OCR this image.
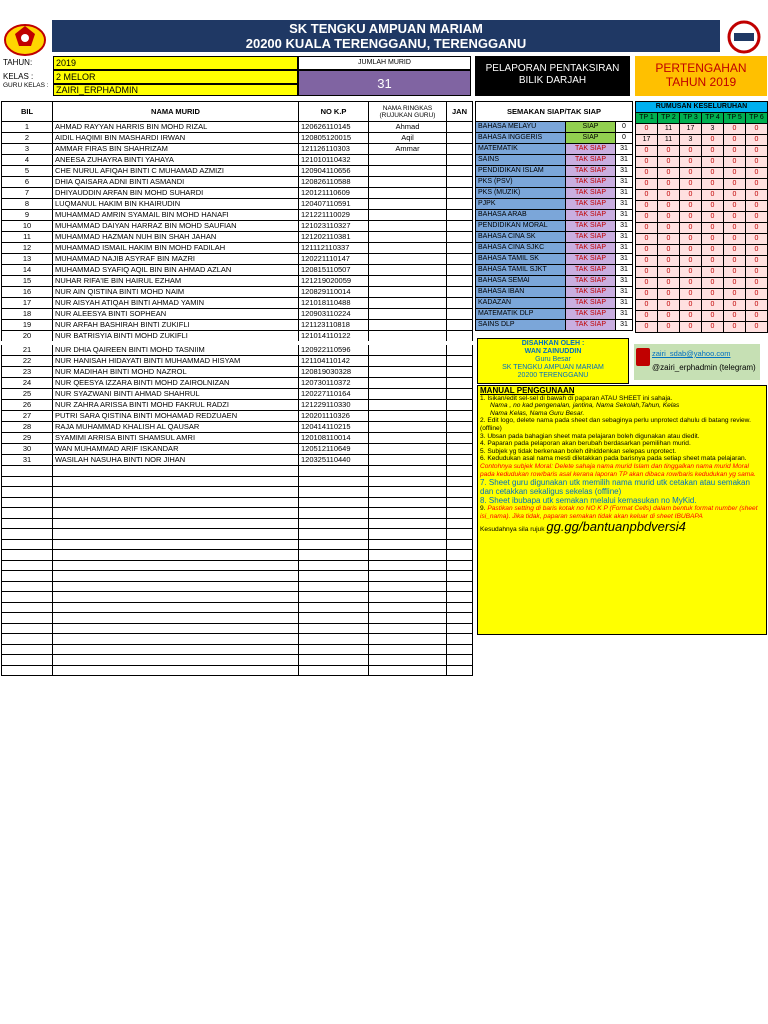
SK TENGKU AMPUAN MARIAM
20200 KUALA TERENGGANU, TERENGGANU
TAHUN:	2019
KELAS :	2 MELOR
GURU KELAS : ZAIRI_ERPHADMIN
JUMLAH MURID
31
PELAPORAN PENTAKSIRAN BILIK DARJAH
PERTENGAHAN TAHUN 2019
BIL	NAMA MURID	NO K.P	NAMA RINGKAS (RUJUKAN GURU)	JAN
1	AHMAD RAYYAN HARRIS BIN MOHD RIZAL	120626110145	Ahmad	
2	AIDIL HAQIMI BIN MASHARDI IRWAN	120805120015	Aqil	
3	AMMAR FIRAS BIN SHAHRIZAM	121126110303	Ammar	
4	ANEESA ZUHAYRA BINTI YAHAYA	121010110432		
5	CHE NURUL AFIQAH BINTI C MUHAMAD AZMIZI	120904110656		
6	DHIA QAISARA ADNI BINTI ASMANDI	120826110588		
7	DHIYAUDDIN ARFAN BIN MOHD SUHARDI	120121110609		
8	LUQMANUL HAKIM BIN KHAIRUDIN	120407110591		
9	MUHAMMAD AMRIN SYAMAIL BIN MOHD HANAFI	121221110029		
10	MUHAMMAD DAIYAN HARRAZ BIN MOHD SAUFIAN	121023110327		
11	MUHAMMAD HAZMAN NUH BIN SHAH JAHAN	121202110381		
12	MUHAMMAD ISMAIL HAKIM BIN MOHD FADILAH	121112110337		
13	MUHAMMAD NAJIB ASYRAF BIN MAZRI	120221110147		
14	MUHAMMAD SYAFIQ AQIL BIN BIN AHMAD AZLAN	120815110507		
15	NUHAR RIFA'IE BIN HAIRUL EZHAM	121219020059		
16	NUR AIN QISTINA BINTI MOHD NAIM	120829110014		
17	NUR AISYAH ATIQAH BINTI AHMAD YAMIN	121018110488		
18	NUR ALEESYA BINTI SOPHEAN	120903110224		
19	NUR ARFAH BASHIRAH BINTI ZUKIFLI	121123110818		
20	NUR BATRISYIA BINTI MOHD ZUKIFLI	121014110122		
21	NUR DHIA QAIREEN BINTI MOHD TASNIIM	120922110596		
22	NUR HANISAH HIDAYATI BINTI MUHAMMAD HISYAM	121104110142		
23	NUR MADIHAH BINTI MOHD NAZROL	120819030328		
24	NUR QEESYA IZZARA BINTI MOHD ZAIROLNIZAN	120730110372		
25	NUR SYAZWANI BINTI AHMAD SHAHRUL	120227110164		
26	NUR ZAHRA ARISSA BINTI MOHD FAKRUL RADZI	121229110330		
27	PUTRI SARA QISTINA BINTI MOHAMAD REDZUAEN	120201110326		
28	RAJA MUHAMMAD KHALISH AL QAUSAR	120414110215		
29	SYAMIMI ARRISA BINTI SHAMSUL AMRI	120108110014		
30	WAN MUHAMMAD ARIF ISKANDAR	120512110649		
31	WASILAH NASUHA BINTI NOR JIHAN	120325110440		

SEMAKAN SIAP/TAK SIAP		
BAHASA MELAYU	SIAP	0
BAHASA INGGERIS	SIAP	0
MATEMATIK	TAK SIAP	31
SAINS	TAK SIAP	31
PENDIDIKAN ISLAM	TAK SIAP	31
PKS (PSV)	TAK SIAP	31
PKS (MUZIK)	TAK SIAP	31
PJPK	TAK SIAP	31
BAHASA ARAB	TAK SIAP	31
PENDIDIKAN MORAL	TAK SIAP	31
BAHASA CINA SK	TAK SIAP	31
BAHASA CINA SJKC	TAK SIAP	31
BAHASA TAMIL SK	TAK SIAP	31
BAHASA TAMIL SJKT	TAK SIAP	31
BAHASA SEMAI	TAK SIAP	31
BAHASA IBAN	TAK SIAP	31
KADAZAN	TAK SIAP	31
MATEMATIK DLP	TAK SIAP	31
SAINS DLP	TAK SIAP	31
RUMUSAN KESELURUHAN					
TP 1	TP 2	TP 3	TP 4	TP 5	TP 6
0	11	17	3	0	0
17	11	3	0	0	0
0	0	0	0	0	0
0	0	0	0	0	0
0	0	0	0	0	0
0	0	0	0	0	0
0	0	0	0	0	0
0	0	0	0	0	0
0	0	0	0	0	0
0	0	0	0	0	0
0	0	0	0	0	0
0	0	0	0	0	0
0	0	0	0	0	0
0	0	0	0	0	0
0	0	0	0	0	0
0	0	0	0	0	0
0	0	0	0	0	0
0	0	0	0	0	0
0	0	0	0	0	0
DISAHKAN OLEH :
WAN ZAINUDDIN
Guru Besar
SK TENGKU AMPUAN MARIAM
20200 TERENGGANU
zairi_sdab@yahoo.com
@zairi_erphadmin (telegram)
MANUAL PENGGUNAAN
1. Isikan/edit sel-sel di bawah di paparan ATAU SHEET ini sahaja.
Nama , no kad pengenalan, jantina, Nama Sekolah,Tahun, Kelas
Nama Kelas, Nama Guru Besar.
2. Edit logo, delete nama pada sheet dan sebaginya perlu unprotect dahulu di batang review.(offline)
3. Ubsan pada bahagian sheet mata pelajaran boleh digunakan atau diedit.
4. Paparan pada pelaporan akan berubah berdasarkan pemilihan murid.
5. Subjek yg tidak berkenaan boleh dihiddenkan selepas unprotect.
6. Kedudukan asal nama mesti diletakkan pada barisnya pada setiap sheet mata pelajaran. Contohnya subjek Moral: Delete sahaja nama murid Islam dan tinggalkan nama murid Moral pada kedudukan row/baris asal kerana laporan TP akan dibaca row/baris kedudukan yg sama.
7. Sheet guru digunakan utk memilih nama murid utk cetakan atau semakan dan cetakkan sekaligus sekelas (offline)
8. Sheet ibubapa utk semakan melalui kemasukan no MyKid.
9. Pastikan setting di baris kotak no NO K P (Format Cells) dalam bentuk format number (sheet isi_nama). Jika tidak, paparan semakan tidak akan keluar di sheet IBUBAPA
Kesudahnya sila rujuk gg.gg/bantuanpbdversi4
